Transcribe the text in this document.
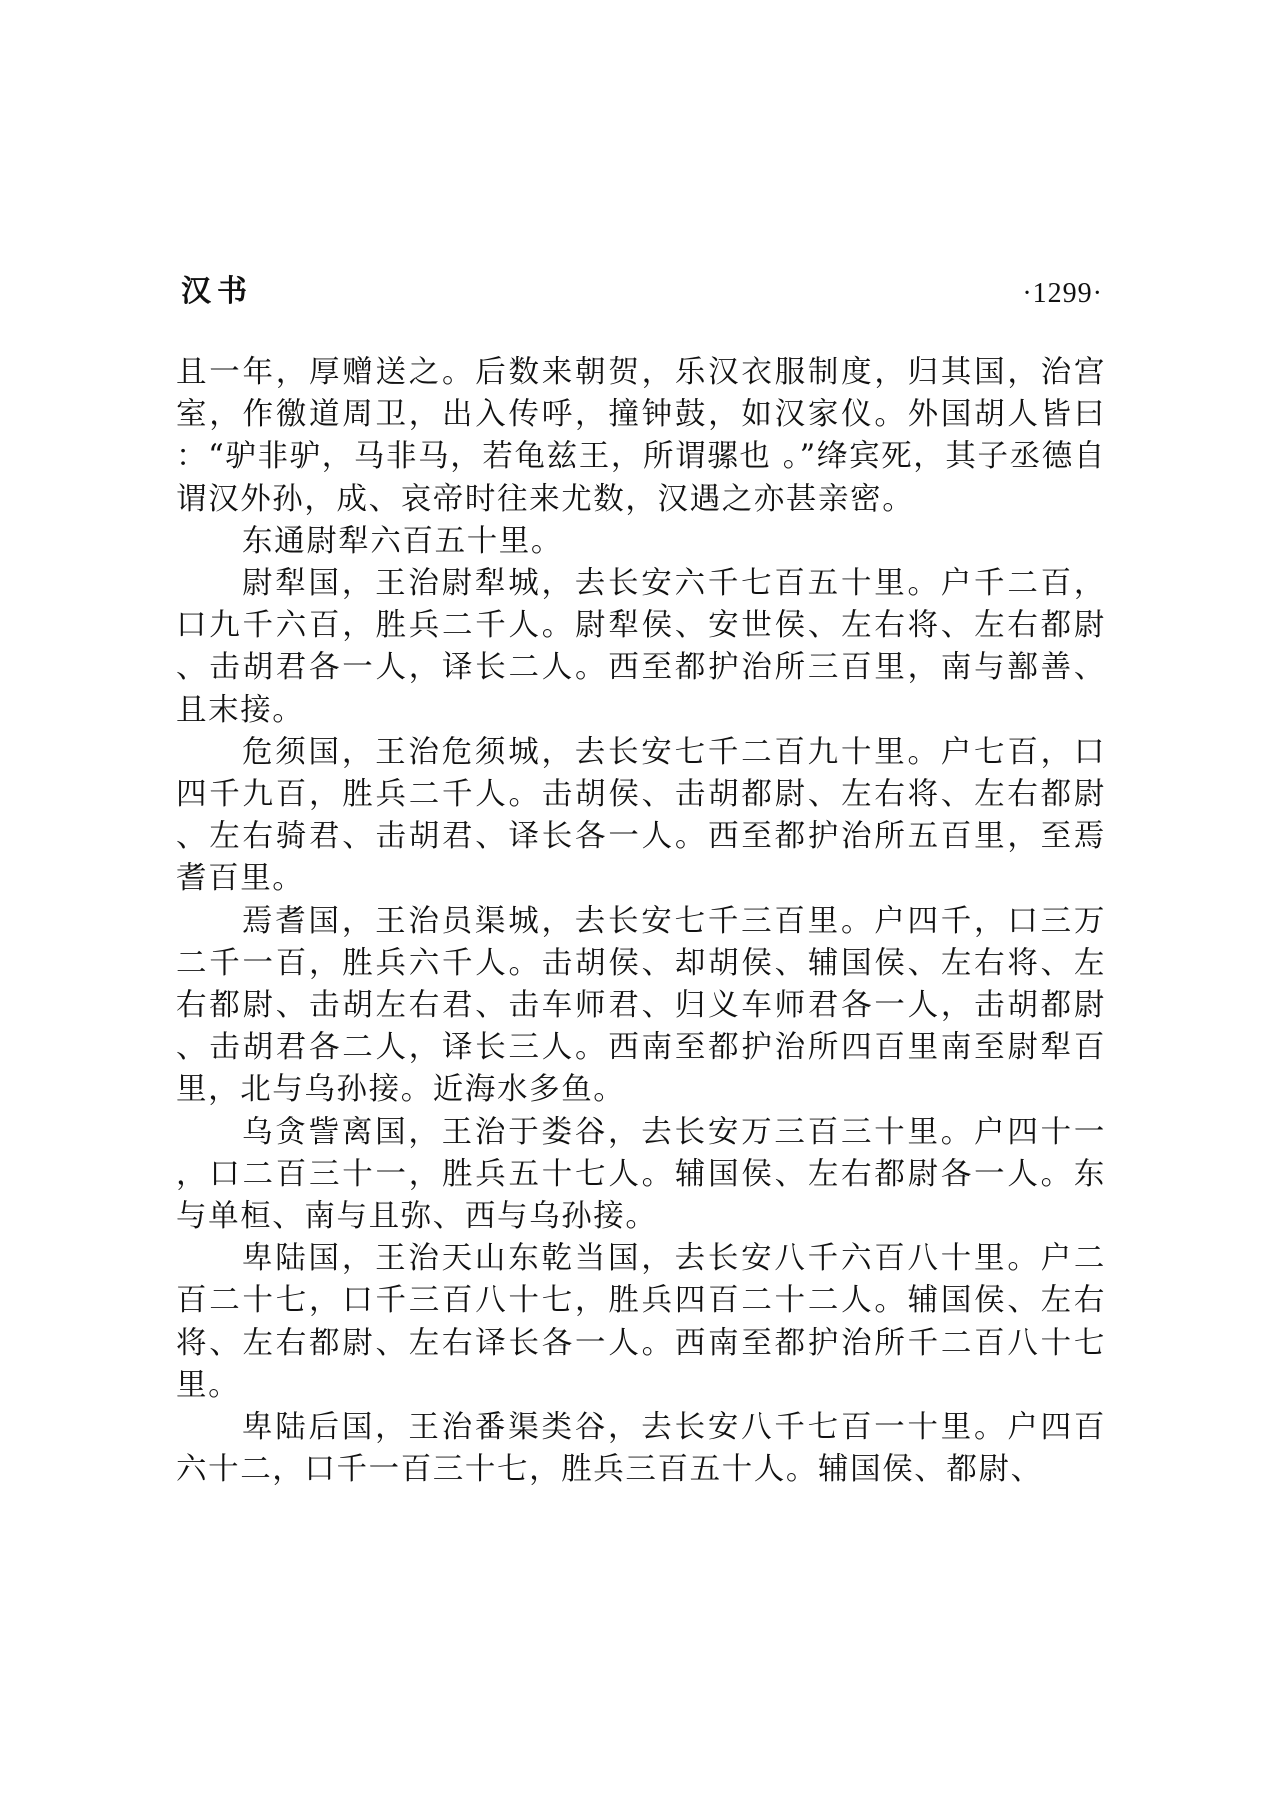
汉书	·1299·

且一年，厚赠送之。后数来朝贺，乐汉衣服制度，归其国，治宫室，作徼道周卫，出入传呼，撞钟鼓，如汉家仪。外国胡人皆曰 ：“驴非驴，马非马，若龟兹王，所谓骡也 。”绛宾死，其子丞德自谓汉外孙，成、哀帝时往来尤数，汉遇之亦甚亲密。

东通尉犁六百五十里。

尉犁国，王治尉犁城，去长安六千七百五十里。户千二百，口九千六百，胜兵二千人。尉犁侯、安世侯、左右将、左右都尉、击胡君各一人，译长二人。西至都护治所三百里，南与鄯善、且末接。

危须国，王治危须城，去长安七千二百九十里。户七百，口四千九百，胜兵二千人。击胡侯、击胡都尉、左右将、左右都尉、左右骑君、击胡君、译长各一人。西至都护治所五百里，至焉耆百里。

焉耆国，王治员渠城，去长安七千三百里。户四千，口三万二千一百，胜兵六千人。击胡侯、却胡侯、辅国侯、左右将、左右都尉、击胡左右君、击车师君、归义车师君各一人，击胡都尉、击胡君各二人，译长三人。西南至都护治所四百里南至尉犁百里，北与乌孙接。近海水多鱼。

乌贪訾离国，王治于娄谷，去长安万三百三十里。户四十一，口二百三十一，胜兵五十七人。辅国侯、左右都尉各一人。东与单桓、南与且弥、西与乌孙接。

卑陆国，王治天山东乾当国，去长安八千六百八十里。户二百二十七，口千三百八十七，胜兵四百二十二人。辅国侯、左右将、左右都尉、左右译长各一人。西南至都护治所千二百八十七里。

卑陆后国，王治番渠类谷，去长安八千七百一十里。户四百六十二，口千一百三十七，胜兵三百五十人。辅国侯、都尉、
